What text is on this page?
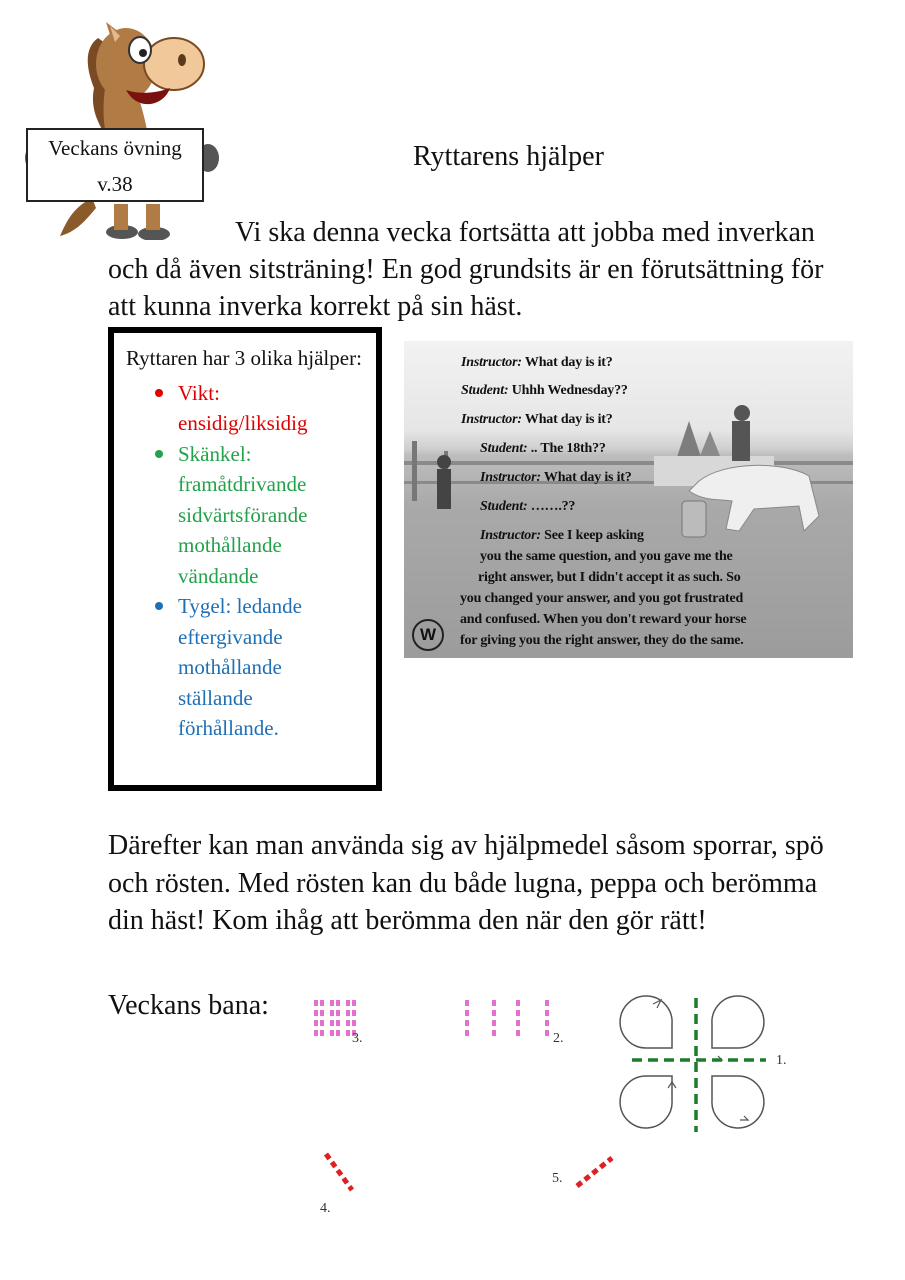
Veckans övning
v.38
Ryttarens hjälper
Vi ska denna vecka fortsätta att jobba med inverkan och då även sitsträning! En god grundsits är en förutsättning för att kunna inverka korrekt på sin häst.
Ryttaren har 3 olika hjälper:
Vikt:
ensidig/liksidig
Skänkel:
framåtdrivande
sidvärtsförande
mothållande
vändande
Tygel: ledande
eftergivande
mothållande
ställande
förhållande.
Instructor: What day is it?
Student: Uhhh Wednesday??
Instructor: What day is it?
Student: .. The 18th??
Instructor: What day is it?
Student: …….??
Instructor: See I keep asking
you the same question, and you gave me the
right answer, but I didn't accept it as such. So
you changed your answer, and you got frustrated
and confused. When you don't reward your horse
for giving you the right answer, they do the same.
W
Därefter kan man använda sig av hjälpmedel såsom sporrar, spö och rösten. Med rösten kan du både lugna, peppa och berömma din häst! Kom ihåg att berömma den när den gör rätt!
Veckans bana:
3.	2.
1.
4.
5.
